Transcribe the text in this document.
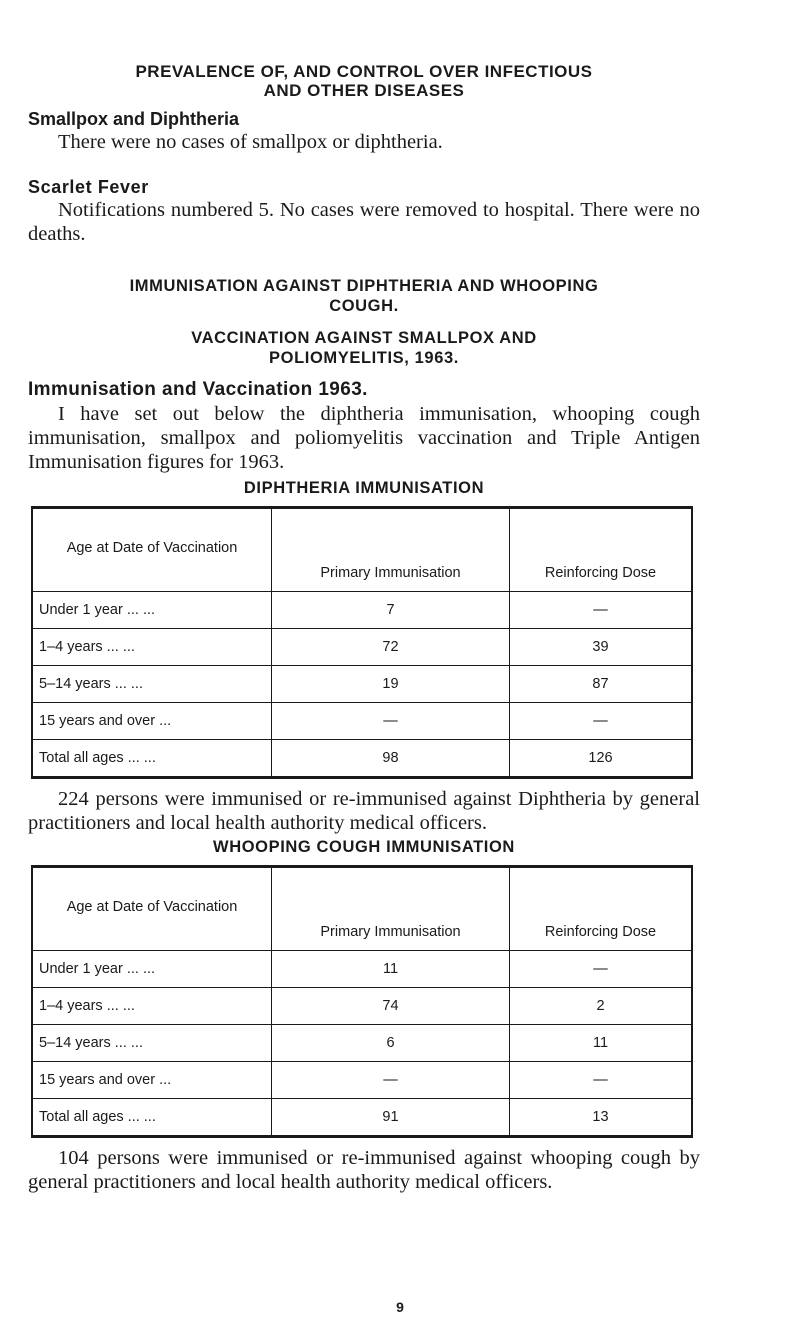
PREVALENCE OF, AND CONTROL OVER INFECTIOUS
AND OTHER DISEASES
Smallpox and Diphtheria

There were no cases of smallpox or diphtheria.

Scarlet Fever

Notifications numbered 5. No cases were removed to hospital. There were no deaths.

IMMUNISATION AGAINST DIPHTHERIA AND WHOOPING
COUGH.
VACCINATION AGAINST SMALLPOX AND
POLIOMYELITIS, 1963.
Immunisation and Vaccination 1963.

I have set out below the diphtheria immunisation, whooping cough immunisation, smallpox and poliomyelitis vaccination and Triple Antigen Immunisation figures for 1963.

DIPHTHERIA IMMUNISATION
Age at Date of Vaccination	Primary Immunisation	Reinforcing Dose
Under 1 year ... ...	7	—
1–4 years ... ...	72	39
5–14 years ... ...	19	87
15 years and over ...	—	—
Total all ages ... ...	98	126

224 persons were immunised or re-immunised against Diphtheria by general practitioners and local health authority medical officers.

WHOOPING COUGH IMMUNISATION
Age at Date of Vaccination	Primary Immunisation	Reinforcing Dose
Under 1 year ... ...	11	—
1–4 years ... ...	74	2
5–14 years ... ...	6	11
15 years and over ...	—	—
Total all ages ... ...	91	13

104 persons were immunised or re-immunised against whooping cough by general practitioners and local health authority medical officers.

9
